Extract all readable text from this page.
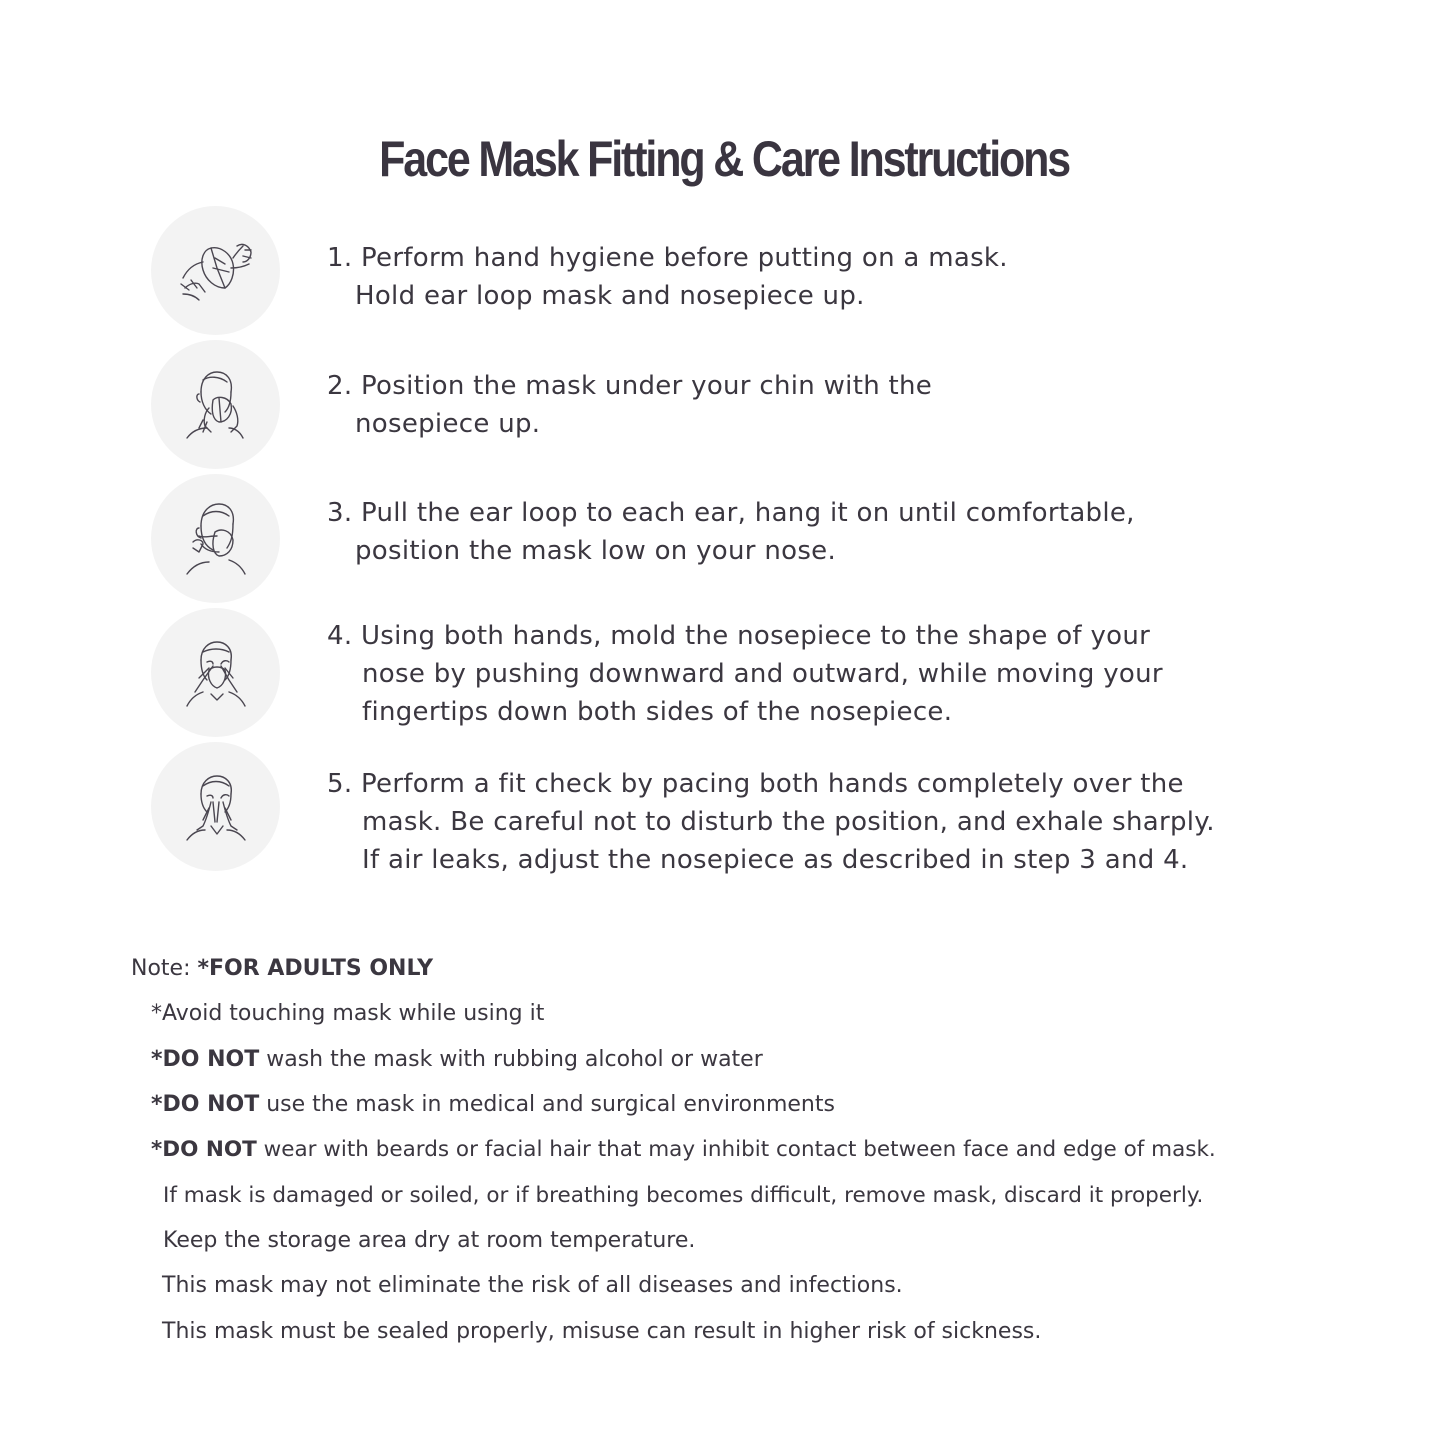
Face Mask Fitting & Care Instructions
1. Perform hand hygiene before putting on a mask.
Hold ear loop mask and nosepiece up.
2. Position the mask under your chin with the
nosepiece up.
3. Pull the ear loop to each ear, hang it on until comfortable,
position the mask low on your nose.
4. Using both hands, mold the nosepiece to the shape of your
nose by pushing downward and outward, while moving your
fingertips down both sides of the nosepiece.
5. Perform a fit check by pacing both hands completely over the
mask. Be careful not to disturb the position, and exhale sharply.
If air leaks, adjust the nosepiece as described in step 3 and 4.
Note: *FOR ADULTS ONLY
*Avoid touching mask while using it
*DO NOT wash the mask with rubbing alcohol or water
*DO NOT use the mask in medical and surgical environments
*DO NOT wear with beards or facial hair that may inhibit contact between face and edge of mask.
If mask is damaged or soiled, or if breathing becomes difficult, remove mask, discard it properly.
Keep the storage area dry at room temperature.
This mask may not eliminate the risk of all diseases and infections.
This mask must be sealed properly, misuse can result in higher risk of sickness.
